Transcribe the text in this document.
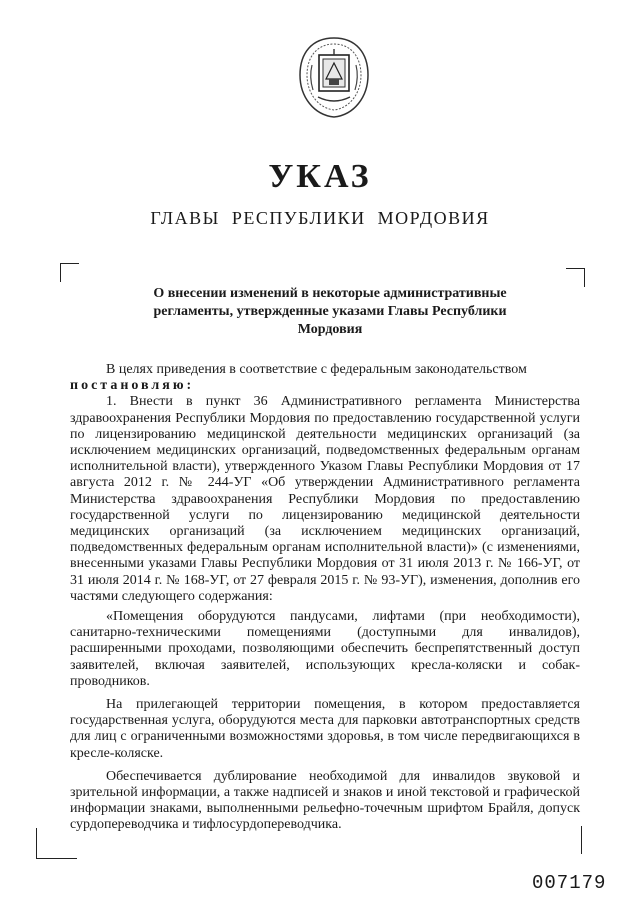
УКАЗ
ГЛАВЫ РЕСПУБЛИКИ МОРДОВИЯ
О внесении изменений в некоторые административные регламенты, утвержденные указами Главы Республики Мордовия

В целях приведения в соответствие с федеральным законодательством

постановляю:

1. Внести в пункт 36 Административного регламента Министерства здравоохранения Республики Мордовия по предоставлению государственной услуги по лицензированию медицинской деятельности медицинских организаций (за исключением медицинских организаций, подведомственных федеральным органам исполнительной власти), утвержденного Указом Главы Республики Мордовия от 17 августа 2012 г. № 244-УГ «Об утверждении Административного регламента Министерства здравоохранения Республики Мордовия по предоставлению государственной услуги по лицензированию медицинской деятельности медицинских организаций (за исключением медицинских организаций, подведомственных федеральным органам исполнительной власти)» (с изменениями, внесенными указами Главы Республики Мордовия от 31 июля 2013 г. № 166-УГ, от 31 июля 2014 г. № 168-УГ, от 27 февраля 2015 г. № 93-УГ), изменения, дополнив его частями следующего содержания:

«Помещения оборудуются пандусами, лифтами (при необходимости), санитарно-техническими помещениями (доступными для инвалидов), расширенными проходами, позволяющими обеспечить беспрепятственный доступ заявителей, включая заявителей, использующих кресла-коляски и собак-проводников.

На прилегающей территории помещения, в котором предоставляется государственная услуга, оборудуются места для парковки автотранспортных средств для лиц с ограниченными возможностями здоровья, в том числе передвигающихся в кресле-коляске.

Обеспечивается дублирование необходимой для инвалидов звуковой и зрительной информации, а также надписей и знаков и иной текстовой и графической информации знаками, выполненными рельефно-точечным шрифтом Брайля, допуск сурдопереводчика и тифлосурдопереводчика.

007179
